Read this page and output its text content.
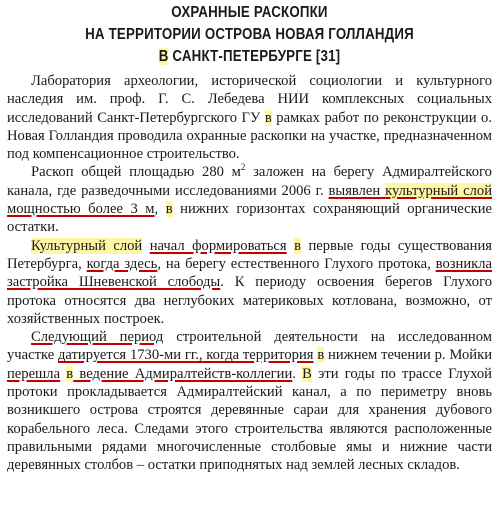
ОХРАННЫЕ РАСКОПКИ
НА ТЕРРИТОРИИ ОСТРОВА НОВАЯ ГОЛЛАНДИЯ
В САНКТ-ПЕТЕРБУРГЕ [31]

Лаборатория археологии, исторической социологии и культурного наследия им. проф. Г. С. Лебедева НИИ комплексных социальных исследований Санкт-Петербургского ГУ в рамках работ по реконструкции о. Новая Голландия проводила охранные раскопки на участке, предназначенном под компенсационное строительство.

Раскоп общей площадью 280 $м^2$ заложен на берегу Адмиралтейского канала, где разведочными исследованиями 2006 г. выявлен культурный слой мощностью более 3 м, в нижних горизонтах сохраняющий органические остатки.

Культурный слой начал формироваться в первые годы существования Петербурга, когда здесь, на берегу естественного Глухого протока, возникла застройка Шневенской слободы. К периоду освоения берегов Глухого протока относятся два неглубоких материковых котлована, возможно, от хозяйственных построек.

Следующий период строительной деятельности на исследованном участке датируется 1730-ми гг., когда территория в нижнем течении р. Мойки перешла в ведение Адмиралтейств-коллегии. В эти годы по трассе Глухой протоки прокладывается Адмиралтейский канал, а по периметру вновь возникшего острова строятся деревянные сараи для хранения дубового корабельного леса. Следами этого строительства являются расположенные правильными рядами многочисленные столбовые ямы и нижние части деревянных столбов – остатки приподнятых над землей лесных складов.
